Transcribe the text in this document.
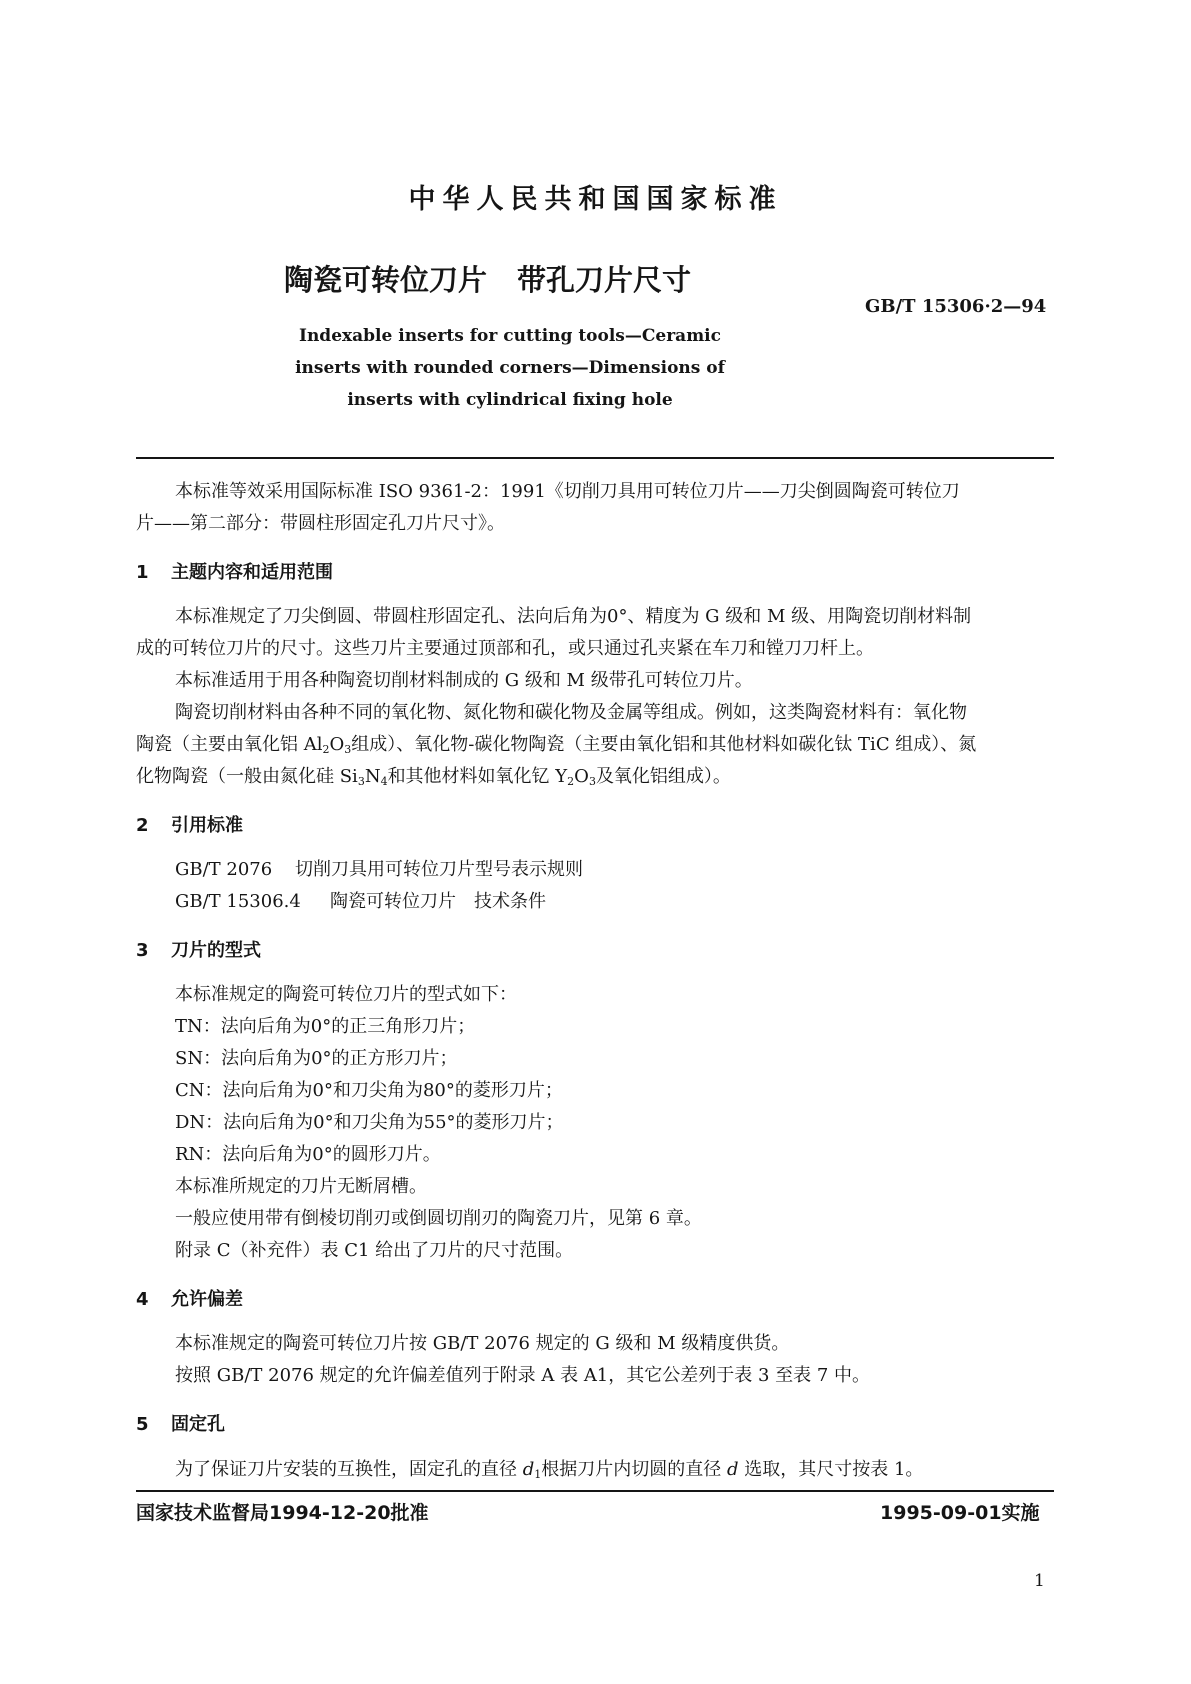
中华人民共和国国家标准
陶瓷可转位刀片 带孔刀片尺寸
GB/T 15306·2—94
Indexable inserts for cutting tools—Ceramic
inserts with rounded corners—Dimensions of
inserts with cylindrical fixing hole
本标准等效采用国际标准 ISO 9361-2：1991《切削刀具用可转位刀片——刀尖倒圆陶瓷可转位刀
片——第二部分：带圆柱形固定孔刀片尺寸》。
1 主题内容和适用范围
本标准规定了刀尖倒圆、带圆柱形固定孔、法向后角为0°、精度为 G 级和 M 级、用陶瓷切削材料制
成的可转位刀片的尺寸。这些刀片主要通过顶部和孔，或只通过孔夹紧在车刀和镗刀刀杆上。
本标准适用于用各种陶瓷切削材料制成的 G 级和 M 级带孔可转位刀片。
陶瓷切削材料由各种不同的氧化物、氮化物和碳化物及金属等组成。例如，这类陶瓷材料有：氧化物
陶瓷（主要由氧化铝 $Al_2O_3$组成）、氧化物-碳化物陶瓷（主要由氧化铝和其他材料如碳化钛 TiC 组成）、氮
化物陶瓷（一般由氮化硅 $Si_3N_4$和其他材料如氧化钇 $Y_2O_3$及氧化铝组成）。
2 引用标准
GB/T 2076 切削刀具用可转位刀片型号表示规则
GB/T 15306.4 陶瓷可转位刀片　技术条件
3 刀片的型式
本标准规定的陶瓷可转位刀片的型式如下：
TN：法向后角为0°的正三角形刀片；
SN：法向后角为0°的正方形刀片；
CN：法向后角为0°和刀尖角为80°的菱形刀片；
DN：法向后角为0°和刀尖角为55°的菱形刀片；
RN：法向后角为0°的圆形刀片。
本标准所规定的刀片无断屑槽。
一般应使用带有倒棱切削刃或倒圆切削刃的陶瓷刀片，见第 6 章。
附录 C（补充件）表 C1 给出了刀片的尺寸范围。
4 允许偏差
本标准规定的陶瓷可转位刀片按 GB/T 2076 规定的 G 级和 M 级精度供货。
按照 GB/T 2076 规定的允许偏差值列于附录 A 表 A1，其它公差列于表 3 至表 7 中。
5 固定孔
为了保证刀片安装的互换性，固定孔的直径 $d_1$根据刀片内切圆的直径 d 选取，其尺寸按表 1。
国家技术监督局1994-12-20批准	1995-09-01实施
1
